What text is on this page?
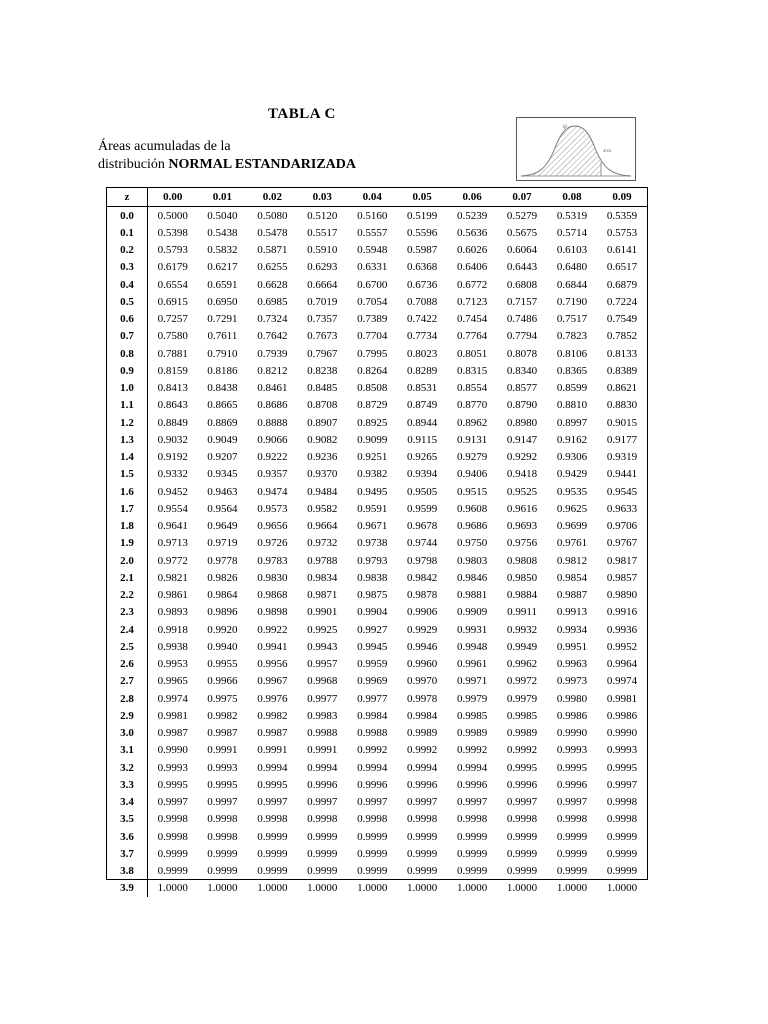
TABLA C
Áreas acumuladas de la
distribución NORMAL ESTANDARIZADA
φ
área
z	0.00	0.01	0.02	0.03	0.04	0.05	0.06	0.07	0.08	0.09
0.0	0.5000	0.5040	0.5080	0.5120	0.5160	0.5199	0.5239	0.5279	0.5319	0.5359
0.1	0.5398	0.5438	0.5478	0.5517	0.5557	0.5596	0.5636	0.5675	0.5714	0.5753
0.2	0.5793	0.5832	0.5871	0.5910	0.5948	0.5987	0.6026	0.6064	0.6103	0.6141
0.3	0.6179	0.6217	0.6255	0.6293	0.6331	0.6368	0.6406	0.6443	0.6480	0.6517
0.4	0.6554	0.6591	0.6628	0.6664	0.6700	0.6736	0.6772	0.6808	0.6844	0.6879
0.5	0.6915	0.6950	0.6985	0.7019	0.7054	0.7088	0.7123	0.7157	0.7190	0.7224
0.6	0.7257	0.7291	0.7324	0.7357	0.7389	0.7422	0.7454	0.7486	0.7517	0.7549
0.7	0.7580	0.7611	0.7642	0.7673	0.7704	0.7734	0.7764	0.7794	0.7823	0.7852
0.8	0.7881	0.7910	0.7939	0.7967	0.7995	0.8023	0.8051	0.8078	0.8106	0.8133
0.9	0.8159	0.8186	0.8212	0.8238	0.8264	0.8289	0.8315	0.8340	0.8365	0.8389
1.0	0.8413	0.8438	0.8461	0.8485	0.8508	0.8531	0.8554	0.8577	0.8599	0.8621
1.1	0.8643	0.8665	0.8686	0.8708	0.8729	0.8749	0.8770	0.8790	0.8810	0.8830
1.2	0.8849	0.8869	0.8888	0.8907	0.8925	0.8944	0.8962	0.8980	0.8997	0.9015
1.3	0.9032	0.9049	0.9066	0.9082	0.9099	0.9115	0.9131	0.9147	0.9162	0.9177
1.4	0.9192	0.9207	0.9222	0.9236	0.9251	0.9265	0.9279	0.9292	0.9306	0.9319
1.5	0.9332	0.9345	0.9357	0.9370	0.9382	0.9394	0.9406	0.9418	0.9429	0.9441
1.6	0.9452	0.9463	0.9474	0.9484	0.9495	0.9505	0.9515	0.9525	0.9535	0.9545
1.7	0.9554	0.9564	0.9573	0.9582	0.9591	0.9599	0.9608	0.9616	0.9625	0.9633
1.8	0.9641	0.9649	0.9656	0.9664	0.9671	0.9678	0.9686	0.9693	0.9699	0.9706
1.9	0.9713	0.9719	0.9726	0.9732	0.9738	0.9744	0.9750	0.9756	0.9761	0.9767
2.0	0.9772	0.9778	0.9783	0.9788	0.9793	0.9798	0.9803	0.9808	0.9812	0.9817
2.1	0.9821	0.9826	0.9830	0.9834	0.9838	0.9842	0.9846	0.9850	0.9854	0.9857
2.2	0.9861	0.9864	0.9868	0.9871	0.9875	0.9878	0.9881	0.9884	0.9887	0.9890
2.3	0.9893	0.9896	0.9898	0.9901	0.9904	0.9906	0.9909	0.9911	0.9913	0.9916
2.4	0.9918	0.9920	0.9922	0.9925	0.9927	0.9929	0.9931	0.9932	0.9934	0.9936
2.5	0.9938	0.9940	0.9941	0.9943	0.9945	0.9946	0.9948	0.9949	0.9951	0.9952
2.6	0.9953	0.9955	0.9956	0.9957	0.9959	0.9960	0.9961	0.9962	0.9963	0.9964
2.7	0.9965	0.9966	0.9967	0.9968	0.9969	0.9970	0.9971	0.9972	0.9973	0.9974
2.8	0.9974	0.9975	0.9976	0.9977	0.9977	0.9978	0.9979	0.9979	0.9980	0.9981
2.9	0.9981	0.9982	0.9982	0.9983	0.9984	0.9984	0.9985	0.9985	0.9986	0.9986
3.0	0.9987	0.9987	0.9987	0.9988	0.9988	0.9989	0.9989	0.9989	0.9990	0.9990
3.1	0.9990	0.9991	0.9991	0.9991	0.9992	0.9992	0.9992	0.9992	0.9993	0.9993
3.2	0.9993	0.9993	0.9994	0.9994	0.9994	0.9994	0.9994	0.9995	0.9995	0.9995
3.3	0.9995	0.9995	0.9995	0.9996	0.9996	0.9996	0.9996	0.9996	0.9996	0.9997
3.4	0.9997	0.9997	0.9997	0.9997	0.9997	0.9997	0.9997	0.9997	0.9997	0.9998
3.5	0.9998	0.9998	0.9998	0.9998	0.9998	0.9998	0.9998	0.9998	0.9998	0.9998
3.6	0.9998	0.9998	0.9999	0.9999	0.9999	0.9999	0.9999	0.9999	0.9999	0.9999
3.7	0.9999	0.9999	0.9999	0.9999	0.9999	0.9999	0.9999	0.9999	0.9999	0.9999
3.8	0.9999	0.9999	0.9999	0.9999	0.9999	0.9999	0.9999	0.9999	0.9999	0.9999
3.9	1.0000	1.0000	1.0000	1.0000	1.0000	1.0000	1.0000	1.0000	1.0000	1.0000
